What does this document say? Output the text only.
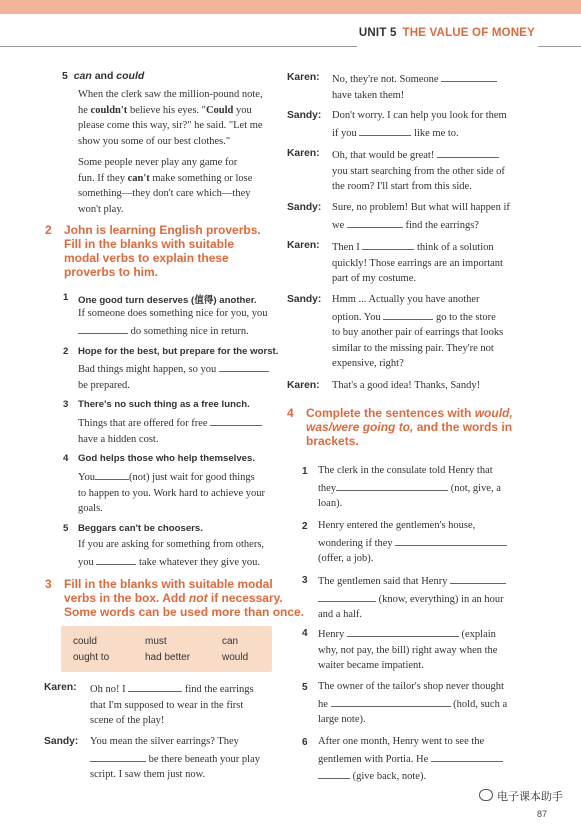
UNIT 5 THE VALUE OF MONEY
5 can and could
When the clerk saw the million-pound note,
he couldn't believe his eyes. "Could you
please come this way, sir?" he said. "Let me
show you some of our best clothes."
Some people never play any game for
fun. If they can't make something or lose
something—they don't care which—they
won't play.
2 John is learning English proverbs.
Fill in the blanks with suitable
modal verbs to explain these
proverbs to him.
1 One good turn deserves (值得) another.
If someone does something nice for you, you
do something nice in return.
2 Hope for the best, but prepare for the worst.
Bad things might happen, so you
be prepared.
3 There's no such thing as a free lunch.
Things that are offered for free
have a hidden cost.
4 God helps those who help themselves.
You	(not) just wait for good things
to happen to you. Work hard to achieve your
goals.
5 Beggars can't be choosers.
If you are asking for something from others,
you	take whatever they give you.
3 Fill in the blanks with suitable modal
verbs in the box. Add not if necessary.
Some words can be used more than once.
could	must	can
ought to	had better	would
Karen: Oh no! I	find the earrings
that I'm supposed to wear in the first
scene of the play!
Sandy: You mean the silver earrings? They
be there beneath your play
script. I saw them just now.
Karen: No, they're not. Someone
have taken them!
Sandy: Don't worry. I can help you look for them
if you	like me to.
Karen: Oh, that would be great!
you start searching from the other side of
the room? I'll start from this side.
Sandy: Sure, no problem! But what will happen if
we	find the earrings?
Karen: Then I	think of a solution
quickly! Those earrings are an important
part of my costume.
Sandy: Hmm ... Actually you have another
option. You	go to the store
to buy another pair of earrings that looks
similar to the missing pair. They're not
expensive, right?
Karen: That's a good idea! Thanks, Sandy!
4 Complete the sentences with would,
was/were going to, and the words in
brackets.
1 The clerk in the consulate told Henry that
they	(not, give, a
loan).
2 Henry entered the gentlemen's house,
wondering if they
(offer, a job).
3 The gentlemen said that Henry
(know, everything) in an hour
and a half.
4 Henry	(explain
why, not pay, the bill) right away when the
waiter became impatient.
5 The owner of the tailor's shop never thought
he	(hold, such a
large note).
6 After one month, Henry went to see the
gentlemen with Portia. He
(give back, note).
电子课本助手
87
